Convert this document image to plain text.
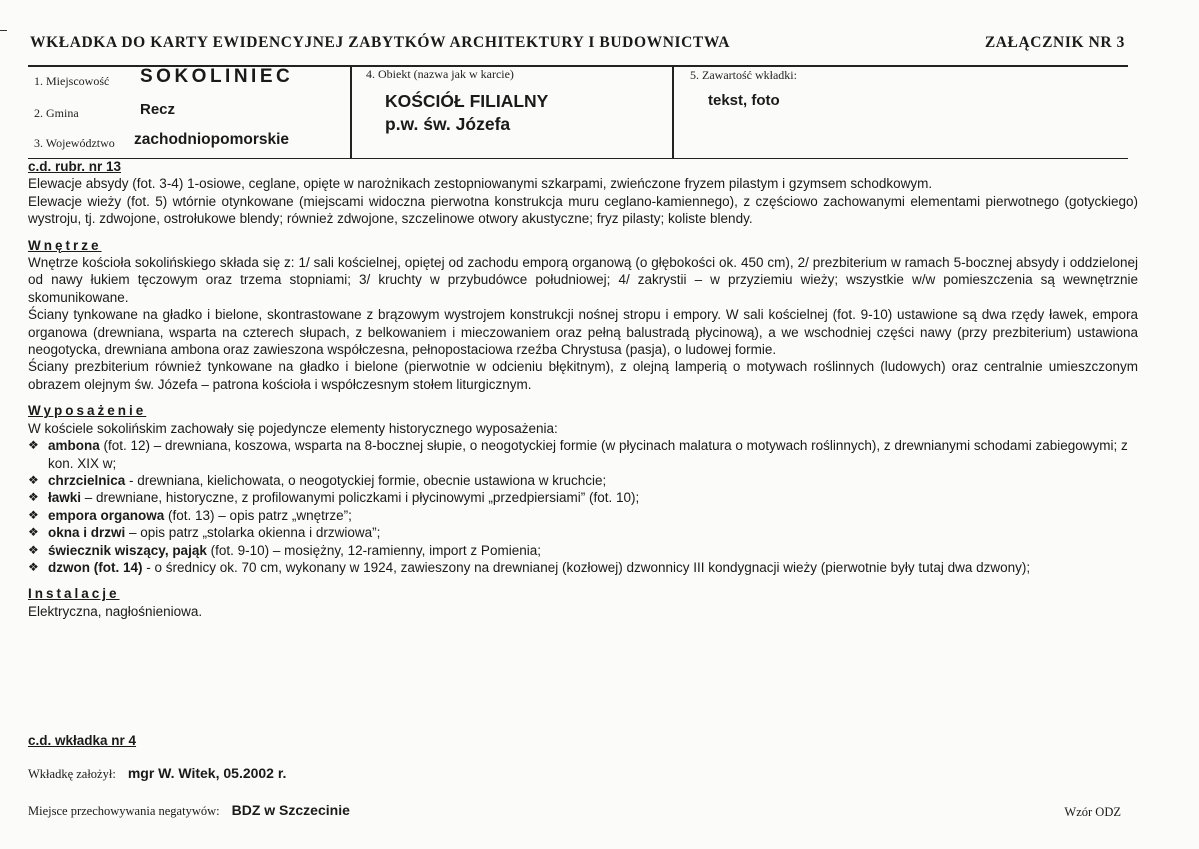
WKŁADKA DO KARTY EWIDENCYJNEJ ZABYTKÓW ARCHITEKTURY I BUDOWNICTWA	ZAŁĄCZNIK NR 3
1. Miejscowość SOKOLINIEC
2. Gmina	Recz
3. Województwo zachodniopomorskie
4. Obiekt (nazwa jak w karcie)
KOŚCIÓŁ FILIALNY
p.w. św. Józefa
5. Zawartość wkładki:
tekst, foto

c.d. rubr. nr 13

Elewacje absydy (fot. 3-4) 1-osiowe, ceglane, opięte w narożnikach zestopniowanymi szkarpami, zwieńczone fryzem pilastym i gzymsem schodkowym.

Elewacje wieży (fot. 5) wtórnie otynkowane (miejscami widoczna pierwotna konstrukcja muru ceglano-kamiennego), z częściowo zachowanymi elementami pierwotnego (gotyckiego) wystroju, tj. zdwojone, ostrołukowe blendy; również zdwojone, szczelinowe otwory akustyczne; fryz pilasty; koliste blendy.

Wnętrze

Wnętrze kościoła sokolińskiego składa się z: 1/ sali kościelnej, opiętej od zachodu emporą organową (o głębokości ok. 450 cm), 2/ prezbiterium w ramach 5-bocznej absydy i oddzielonej od nawy łukiem tęczowym oraz trzema stopniami; 3/ kruchty w przybudówce południowej; 4/ zakrystii – w przyziemiu wieży; wszystkie w/w pomieszczenia są wewnętrznie skomunikowane.

Ściany tynkowane na gładko i bielone, skontrastowane z brązowym wystrojem konstrukcji nośnej stropu i empory. W sali kościelnej (fot. 9-10) ustawione są dwa rzędy ławek, empora organowa (drewniana, wsparta na czterech słupach, z belkowaniem i mieczowaniem oraz pełną balustradą płycinową), a we wschodniej części nawy (przy prezbiterium) ustawiona neogotycka, drewniana ambona oraz zawieszona współczesna, pełnopostaciowa rzeźba Chrystusa (pasja), o ludowej formie.

Ściany prezbiterium również tynkowane na gładko i bielone (pierwotnie w odcieniu błękitnym), z olejną lamperią o motywach roślinnych (ludowych) oraz centralnie umieszczonym obrazem olejnym św. Józefa – patrona kościoła i współczesnym stołem liturgicznym.

Wyposażenie

W kościele sokolińskim zachowały się pojedyncze elementy historycznego wyposażenia:

❖ ambona (fot. 12) – drewniana, koszowa, wsparta na 8-bocznej słupie, o neogotyckiej formie (w płycinach malatura o motywach roślinnych), z drewnianymi schodami zabiegowymi; z kon. XIX w;
❖ chrzcielnica - drewniana, kielichowata, o neogotyckiej formie, obecnie ustawiona w kruchcie;
❖ ławki – drewniane, historyczne, z profilowanymi policzkami i płycinowymi „przedpiersiami” (fot. 10);
❖ empora organowa (fot. 13) – opis patrz „wnętrze”;
❖ okna i drzwi – opis patrz „stolarka okienna i drzwiowa”;
❖ świecznik wiszący, pająk (fot. 9-10) – mosiężny, 12-ramienny, import z Pomienia;
❖ dzwon (fot. 14) - o średnicy ok. 70 cm, wykonany w 1924, zawieszony na drewnianej (kozłowej) dzwonnicy III kondygnacji wieży (pierwotnie były tutaj dwa dzwony);

Instalacje

Elektryczna, nagłośnieniowa.

c.d. wkładka nr 4
Wkładkę założył: mgr W. Witek, 05.2002 r.
Miejsce przechowywania negatywów: BDZ w Szczecinie	Wzór ODZ
